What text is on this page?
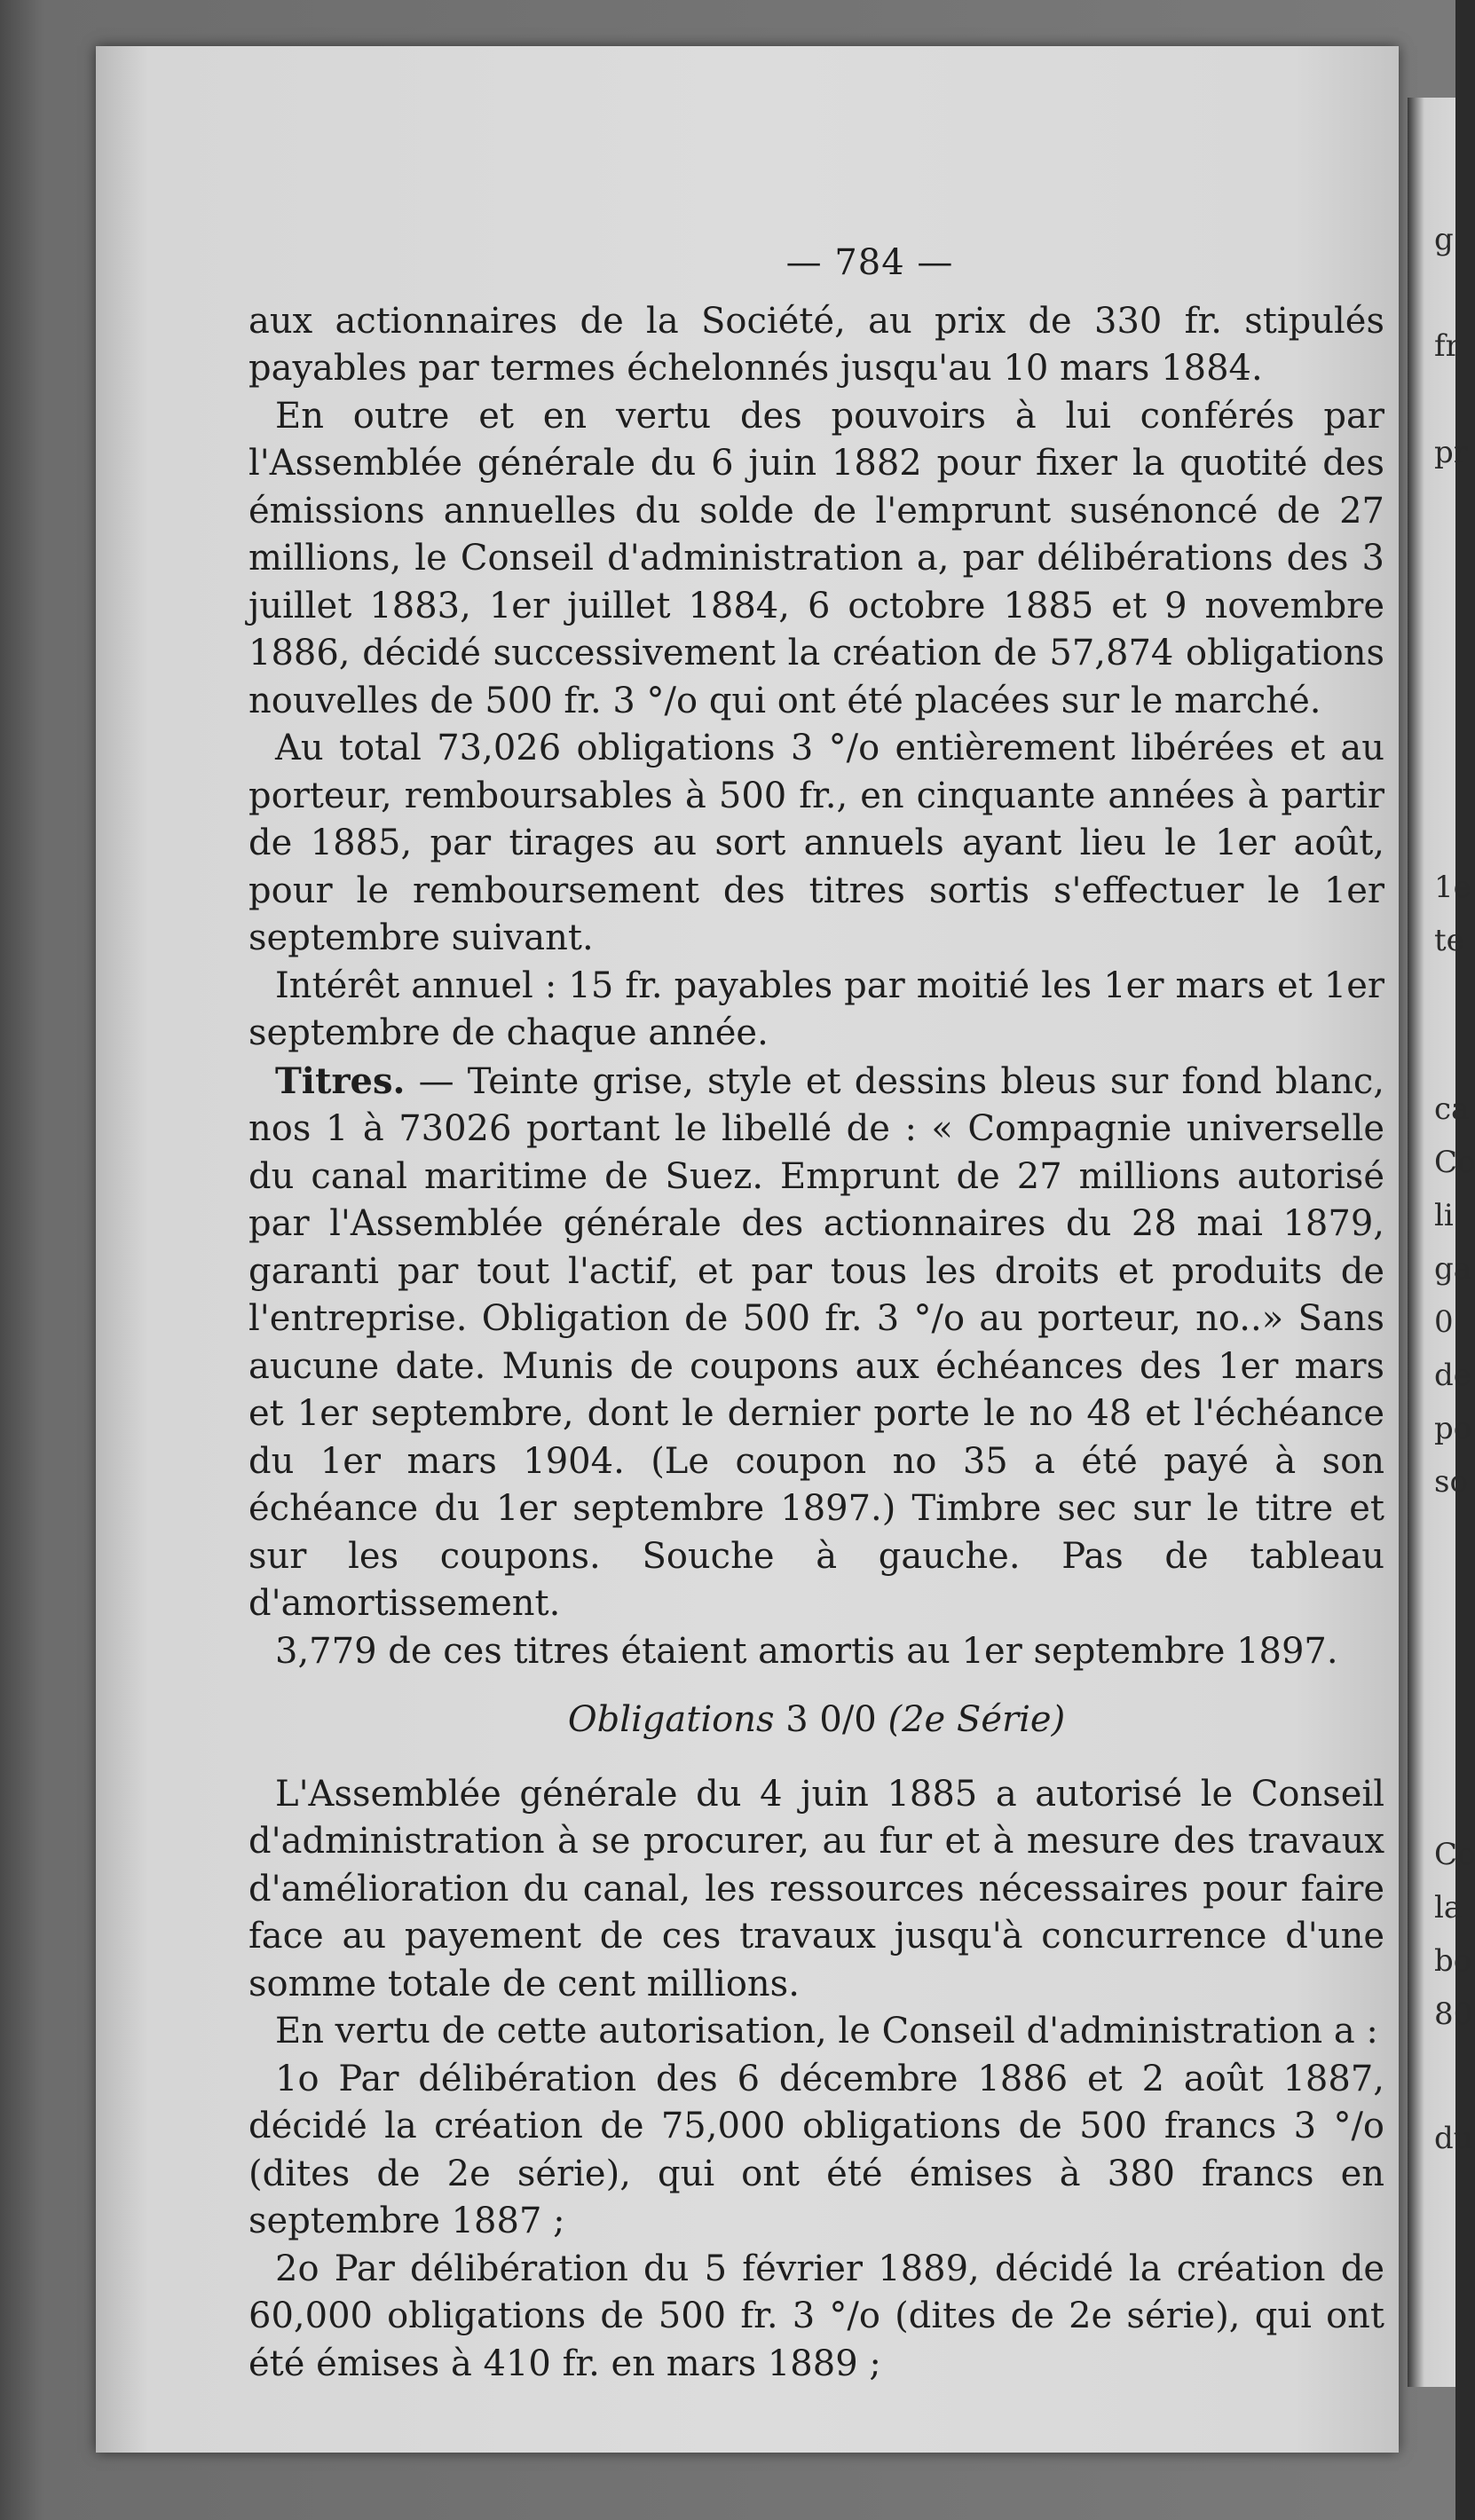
g
fr
pr
1e
te
ca
Co
li
ga
0
de
po
so
Co
la
bo
80
du
— 784 —

aux actionnaires de la Société, au prix de 330 fr. stipulés payables par termes échelonnés jusqu'au 10 mars 1884.

En outre et en vertu des pouvoirs à lui conférés par l'Assemblée générale du 6 juin 1882 pour fixer la quotité des émissions annuelles du solde de l'emprunt susénoncé de 27 millions, le Conseil d'administration a, par délibérations des 3 juillet 1883, 1er juillet 1884, 6 octobre 1885 et 9 novembre 1886, décidé successivement la création de 57,874 obligations nouvelles de 500 fr. 3 °/o qui ont été placées sur le marché.

Au total 73,026 obligations 3 °/o entièrement libérées et au porteur, remboursables à 500 fr., en cinquante années à partir de 1885, par tirages au sort annuels ayant lieu le 1er août, pour le remboursement des titres sortis s'effectuer le 1er septembre suivant.

Intérêt annuel : 15 fr. payables par moitié les 1er mars et 1er septembre de chaque année.

Titres. — Teinte grise, style et dessins bleus sur fond blanc, nos 1 à 73026 portant le libellé de : « Compagnie universelle du canal maritime de Suez. Emprunt de 27 millions autorisé par l'Assemblée générale des actionnaires du 28 mai 1879, garanti par tout l'actif, et par tous les droits et produits de l'entreprise. Obligation de 500 fr. 3 °/o au porteur, no..» Sans aucune date. Munis de coupons aux échéances des 1er mars et 1er septembre, dont le dernier porte le no 48 et l'échéance du 1er mars 1904. (Le coupon no 35 a été payé à son échéance du 1er septembre 1897.) Timbre sec sur le titre et sur les coupons. Souche à gauche. Pas de tableau d'amortissement.

3,779 de ces titres étaient amortis au 1er septembre 1897.

Obligations 3 0/0 (2e Série)

L'Assemblée générale du 4 juin 1885 a autorisé le Conseil d'administration à se procurer, au fur et à mesure des travaux d'amélioration du canal, les ressources nécessaires pour faire face au payement de ces travaux jusqu'à concurrence d'une somme totale de cent millions.

En vertu de cette autorisation, le Conseil d'administration a :

1o Par délibération des 6 décembre 1886 et 2 août 1887, décidé la création de 75,000 obligations de 500 francs 3 °/o (dites de 2e série), qui ont été émises à 380 francs en septembre 1887 ;

2o Par délibération du 5 février 1889, décidé la création de 60,000 obligations de 500 fr. 3 °/o (dites de 2e série), qui ont été émises à 410 fr. en mars 1889 ;
